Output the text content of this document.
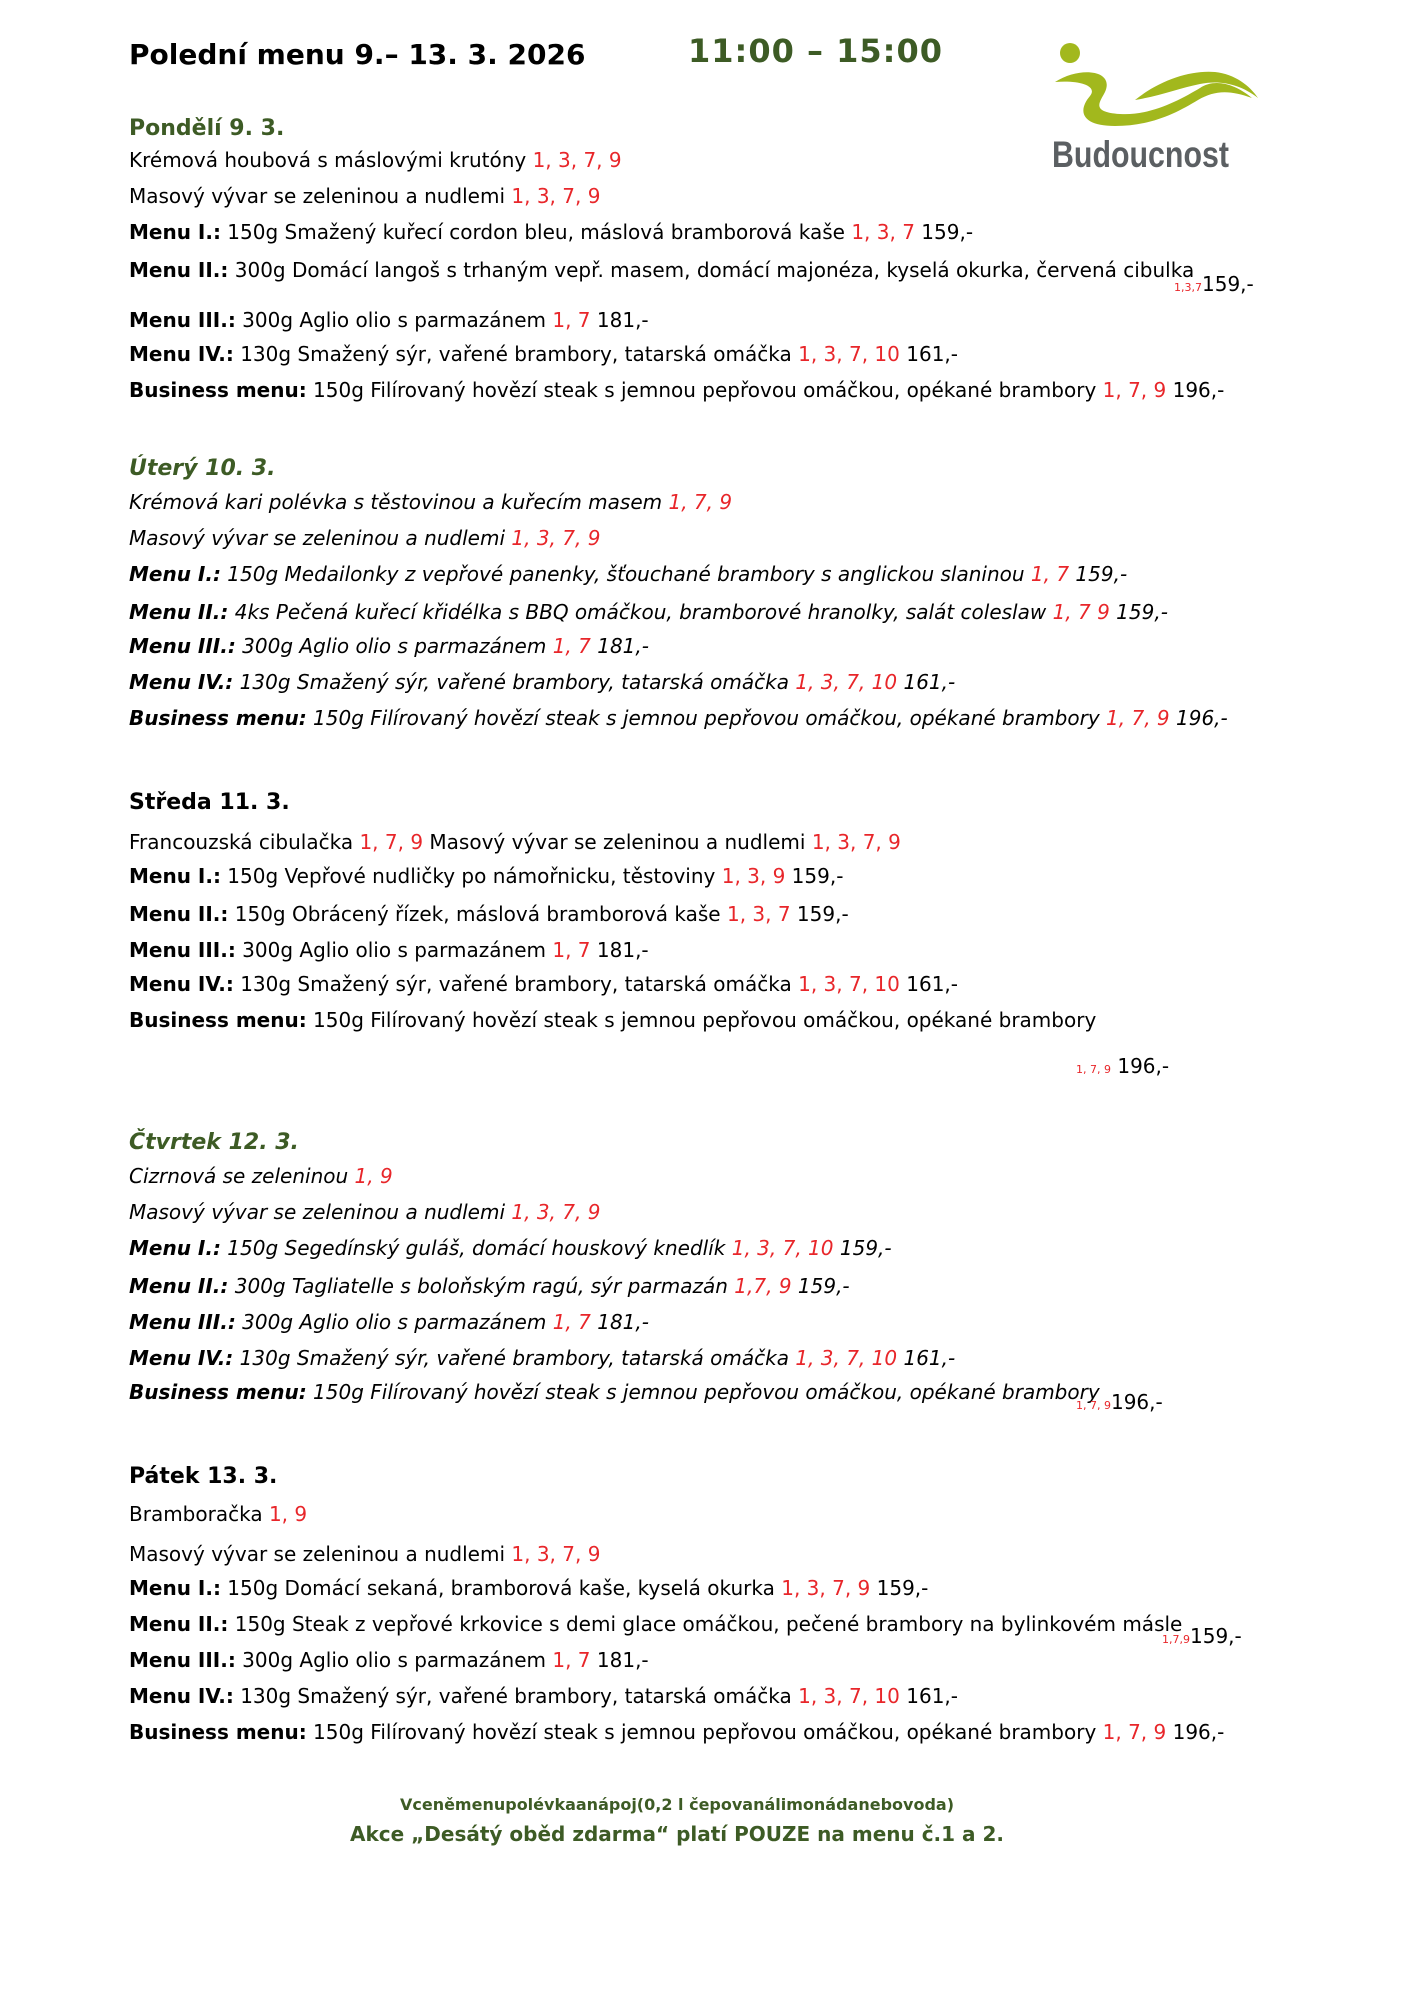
Polední menu 9.– 13. 3. 2026	11:00 – 15:00
Budoucnost
Pondělí 9. 3.
Krémová houbová s máslovými krutóny 1, 3, 7, 9
Masový vývar se zeleninou a nudlemi 1, 3, 7, 9
Menu I.: 150g Smažený kuřecí cordon bleu, máslová bramborová kaše 1, 3, 7 159,-
Menu II.: 300g Domácí langoš s trhaným vepř. masem, domácí majonéza, kyselá okurka, červená cibulka
1,3,7159,-
Menu III.: 300g Aglio olio s parmazánem 1, 7 181,-
Menu IV.: 130g Smažený sýr, vařené brambory, tatarská omáčka 1, 3, 7, 10 161,-
Business menu: 150g Filírovaný hovězí steak s jemnou pepřovou omáčkou, opékané brambory 1, 7, 9 196,-
Úterý 10. 3.
Krémová kari polévka s těstovinou a kuřecím masem 1, 7, 9
Masový vývar se zeleninou a nudlemi 1, 3, 7, 9
Menu I.: 150g Medailonky z vepřové panenky, šťouchané brambory s anglickou slaninou 1, 7 159,-
Menu II.: 4ks Pečená kuřecí křidélka s BBQ omáčkou, bramborové hranolky, salát coleslaw 1, 7 9 159,-
Menu III.: 300g Aglio olio s parmazánem 1, 7 181,-
Menu IV.: 130g Smažený sýr, vařené brambory, tatarská omáčka 1, 3, 7, 10 161,-
Business menu: 150g Filírovaný hovězí steak s jemnou pepřovou omáčkou, opékané brambory 1, 7, 9 196,-
Středa 11. 3.
Francouzská cibulačka 1, 7, 9 Masový vývar se zeleninou a nudlemi 1, 3, 7, 9
Menu I.: 150g Vepřové nudličky po námořnicku, těstoviny 1, 3, 9 159,-
Menu II.: 150g Obrácený řízek, máslová bramborová kaše 1, 3, 7 159,-
Menu III.: 300g Aglio olio s parmazánem 1, 7 181,-
Menu IV.: 130g Smažený sýr, vařené brambory, tatarská omáčka 1, 3, 7, 10 161,-
Business menu: 150g Filírovaný hovězí steak s jemnou pepřovou omáčkou, opékané brambory
1, 7, 9 196,-
Čtvrtek 12. 3.
Cizrnová se zeleninou 1, 9
Masový vývar se zeleninou a nudlemi 1, 3, 7, 9
Menu I.: 150g Segedínský guláš, domácí houskový knedlík 1, 3, 7, 10 159,-
Menu II.: 300g Tagliatelle s boloňským ragú, sýr parmazán 1,7, 9 159,-
Menu III.: 300g Aglio olio s parmazánem 1, 7 181,-
Menu IV.: 130g Smažený sýr, vařené brambory, tatarská omáčka 1, 3, 7, 10 161,-
Business menu: 150g Filírovaný hovězí steak s jemnou pepřovou omáčkou, opékané brambory
1, 7, 9196,-
Pátek 13. 3.
Bramboračka 1, 9
Masový vývar se zeleninou a nudlemi 1, 3, 7, 9
Menu I.: 150g Domácí sekaná, bramborová kaše, kyselá okurka 1, 3, 7, 9 159,-
Menu II.: 150g Steak z vepřové krkovice s demi glace omáčkou, pečené brambory na bylinkovém másle
1,7,9159,-
Menu III.: 300g Aglio olio s parmazánem 1, 7 181,-
Menu IV.: 130g Smažený sýr, vařené brambory, tatarská omáčka 1, 3, 7, 10 161,-
Business menu: 150g Filírovaný hovězí steak s jemnou pepřovou omáčkou, opékané brambory 1, 7, 9 196,-
Vceněmenupolévkaanápoj(0,2 l čepovanálimonádanebovoda)
Akce „Desátý oběd zdarma“ platí POUZE na menu č.1 a 2.
